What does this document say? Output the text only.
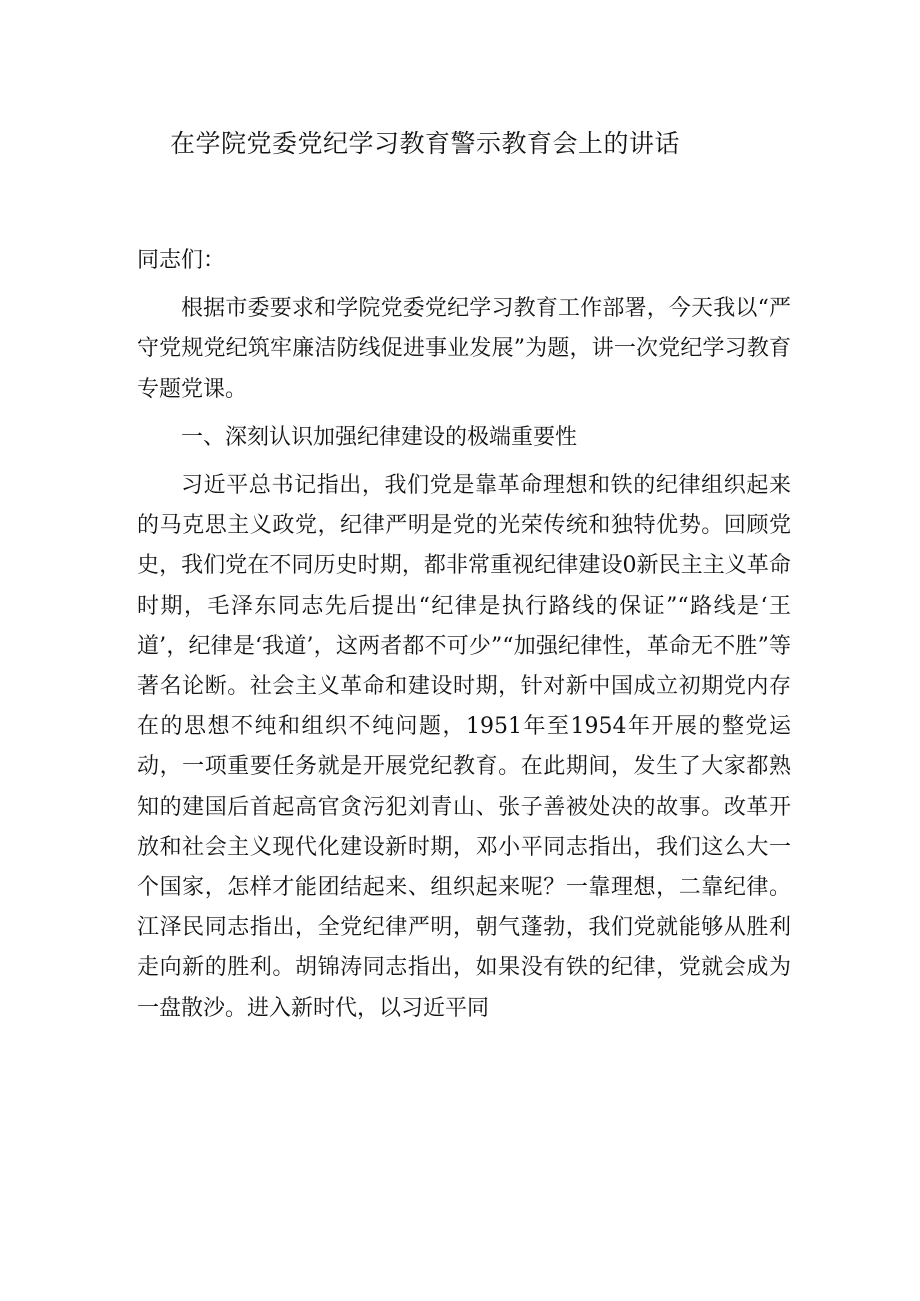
在学院党委党纪学习教育警示教育会上的讲话

同志们：

根据市委要求和学院党委党纪学习教育工作部署，今天我以“严守党规党纪筑牢廉洁防线促进事业发展”为题，讲一次党纪学习教育专题党课。

一、深刻认识加强纪律建设的极端重要性

习近平总书记指出，我们党是靠革命理想和铁的纪律组织起来的马克思主义政党，纪律严明是党的光荣传统和独特优势。回顾党史，我们党在不同历史时期，都非常重视纪律建设0新民主主义革命时期，毛泽东同志先后提出“纪律是执行路线的保证”“路线是‘王道’，纪律是‘我道’，这两者都不可少”“加强纪律性，革命无不胜”等著名论断。社会主义革命和建设时期，针对新中国成立初期党内存在的思想不纯和组织不纯问题，1951年至1954年开展的整党运动，一项重要任务就是开展党纪教育。在此期间，发生了大家都熟知的建国后首起高官贪污犯刘青山、张子善被处决的故事。改革开放和社会主义现代化建设新时期，邓小平同志指出，我们这么大一个国家，怎样才能团结起来、组织起来呢？一靠理想，二靠纪律。江泽民同志指出，全党纪律严明，朝气蓬勃，我们党就能够从胜利走向新的胜利。胡锦涛同志指出，如果没有铁的纪律，党就会成为一盘散沙。进入新时代，以习近平同
